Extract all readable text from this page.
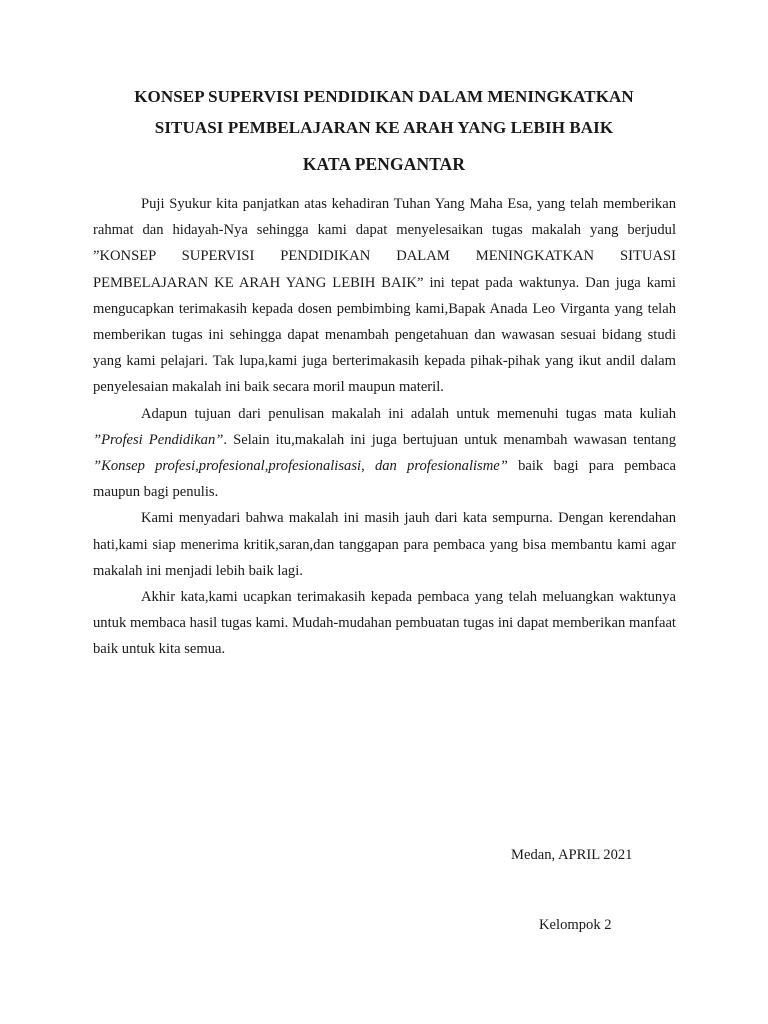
KONSEP SUPERVISI PENDIDIKAN DALAM MENINGKATKAN
SITUASI PEMBELAJARAN KE ARAH YANG LEBIH BAIK
KATA PENGANTAR

Puji Syukur kita panjatkan atas kehadiran Tuhan Yang Maha Esa, yang telah memberikan rahmat dan hidayah-Nya sehingga kami dapat menyelesaikan tugas makalah yang berjudul ”KONSEP SUPERVISI PENDIDIKAN DALAM MENINGKATKAN SITUASI PEMBELAJARAN KE ARAH YANG LEBIH BAIK” ini tepat pada waktunya. Dan juga kami mengucapkan terimakasih kepada dosen pembimbing kami,Bapak Anada Leo Virganta yang telah memberikan tugas ini sehingga dapat menambah pengetahuan dan wawasan sesuai bidang studi yang kami pelajari. Tak lupa,kami juga berterimakasih kepada pihak-pihak yang ikut andil dalam penyelesaian makalah ini baik secara moril maupun materil.

Adapun tujuan dari penulisan makalah ini adalah untuk memenuhi tugas mata kuliah ”Profesi Pendidikan”. Selain itu,makalah ini juga bertujuan untuk menambah wawasan tentang ”Konsep profesi,profesional,profesionalisasi, dan profesionalisme” baik bagi para pembaca maupun bagi penulis.

Kami menyadari bahwa makalah ini masih jauh dari kata sempurna. Dengan kerendahan hati,kami siap menerima kritik,saran,dan tanggapan para pembaca yang bisa membantu kami agar makalah ini menjadi lebih baik lagi.

Akhir kata,kami ucapkan terimakasih kepada pembaca yang telah meluangkan waktunya untuk membaca hasil tugas kami. Mudah-mudahan pembuatan tugas ini dapat memberikan manfaat baik untuk kita semua.

Medan, APRIL 2021
Kelompok 2
